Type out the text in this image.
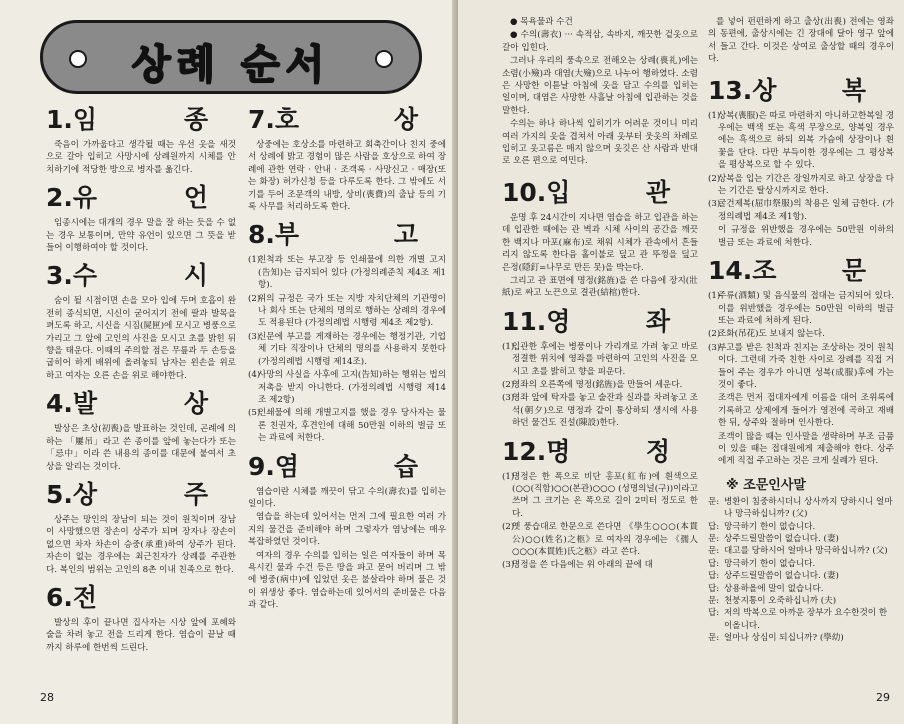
상례 순서
1.임	종

죽음이 가까웁다고 생각될 때는 우선 옷을 새것으로 갈아 입히고 사망시에 상례원까지 시체를 안치하기에 적당한 방으로 병자를 옮긴다.

2.유	언

임종시에는 대개의 경우 말을 잘 하는 듯을 수 없는 경우 보통이며, 만약 유언이 있으면 그 뜻을 받들어 이행하여야 할 것이다.

3.수	시

숨이 될 시점이면 손을 모아 입에 두며 호흡이 완전히 종식되면, 시신이 굳어지기 전에 팔과 발목을 펴도록 하고, 시신을 시짐(屍匣)에 모시고 병풍으로 가리고 그 앞에 고인의 사진을 모시고 초를 밝힌 뒤 향을 태운다. 이때의 주의할 점은 무릎과 두 손등을 굽히어 하게 배위에 올려놓되 남자는 왼손을 위로하고 여자는 오른 손을 위로 해야한다.

4.발	상

발상은 초상(初喪)을 발표하는 것인데, 곤례에 의하는 「屢吊」라고 쓴 종이를 앞에 놓는다가 또는 「忌中」이라 쓴 내용의 종이를 대문에 붙여서 초상을 알리는 것이다.

5.상	주

상주는 망인의 장남이 되는 것이 원칙이며 장남이 사망했으면 장손이 상주가 되며 장자나 장손이 없으면 차자 차손이 승중(承重)하여 상주가 된다. 자손이 없는 경우에는 최근친자가 상례를 주관한다. 복인의 범위는 고인의 8촌 이내 친족으로 한다.

6.전

발상의 후이 끝나면 집사자는 시상 앞에 포혜와 술을 차려 놓고 전을 드리게 한다. 염습이 끝날 때까지 하루에 한번씩 드린다.

7.호	상

상중에는 호상소를 마련하고 회축간이나 친지 중에서 상례에 밝고 경험이 많은 사람을 호상으로 하여 장례에 관한 연락 · 안내 · 조객록 · 사망신고 · 매장(또는 화장) 허가신청 등을 다루도록 한다. 그 밖에도 서기를 두어 조문객의 내방, 상비(喪費)의 출납 등의 기록 사무를 처리하도록 한다.

8.부	고

(1)
친척과 또는 부고장 등 인쇄물에 의한 개별 고지(告知)는 금지되어 있다 (가정의례준칙 제4조 제1항).

(2)
위의 규정은 국가 또는 지방 자치단체의 기관명이나 회사 또는 단체의 명의로 행하는 상례의 경우에도 적용된다 (가정의례법 시행령 제4조 제2항).

(3)
신문에 부고를 게재하는 경우에는 행정기관, 기업체 기타 직장이나 단체의 명의를 사용하지 못한다 (가정의례법 시행령 제14조).

(4)
사망의 사실을 사후에 고지(告知)하는 행위는 법의 저촉을 받지 아니한다. (가정의례법 시행령 제14조 제2항)

(5)
인쇄물에 의해 개별고지를 했을 경우 당사자는 물론 친권자, 후견인에 대해 50만원 이하의 벌금 또는 과료에 처한다.

9.염	습

염습이란 시체를 깨끗이 닦고 수의(壽衣)를 입히는 일이다.

염습을 하는데 있어서는 먼저 그에 필요한 여러 가지의 물건을 준비해야 하며 그렇자가 염낭에는 매우 복잡하였던 것이다.

여자의 경우 수의를 입히는 일은 여자들이 하며 목욕시킨 물과 수건 등은 땅을 파고 묻어 버리며 그 밖에 병중(病中)에 입었던 옷은 불살라야 하며 물은 것이 위생상 좋다. 염습하는데 있어서의 준비물은 다음과 같다.

28

● 목욕물과 수건

● 수의(壽衣) ··· 속적삼, 속바지, 깨끗한 겉옷으로 갈아 입힌다.

그러나 우리의 풍속으로 전해오는 상례(喪礼)에는 소렴(小殮)과 대염(大殮)으로 나누어 행하였다. 소렴은 사망한 이튿날 아침에 옷을 담고 수의를 입히는 일이며, 대염은 사망한 사흘날 아침에 입관하는 것을 말한다.

수의는 하나 하나씩 입히기가 어려운 것이니 미리 여러 가지의 옷을 겹쳐서 아래 옷부터 웃옷의 차례로 입히고 옷고름은 매지 않으며 옷깃은 산 사람과 반대로 오른 편으로 여민다.

10.입	관

운명 후 24시간이 지나면 염습을 하고 입관을 하는데 입관한 때에는 관 벽과 시체 사이의 공간을 깨끗한 백지나 마포(麻布)로 채워 시체가 관속에서 흔들리지 않도록 한다음 홀이불로 덮고 관 뚜껑을 덮고 은정(隠釘=나무로 만든 못)을 박는다.

그리고 관 표면에 명정(銘旌)을 쓴 다음에 장지(壯紙)로 싸고 노끈으로 결관(結棺)한다.

11.영	좌

(1)
입관한 후에는 병풍이나 가리개로 가려 놓고 바로 정결한 위치에 영좌를 마련하여 고인의 사진을 모시고 초를 밝히고 향을 피운다.

(2)
영좌의 오른쪽에 명정(銘旌)을 만들어 세운다.

(3)
영좌 앞에 탁자를 놓고 술잔과 실과를 차려놓고 조석(朝夕)으로 명정과 같이 통상하되 생시에 사용하던 물건도 진설(陳設)한다.

12.명	정

(1)
명정은 한 폭으로 비단 홍포(紅布)에 흰색으로 (○○(직함)○○(본관)○○○ (성명의널(구))이라고 쓰며 그 크기는 온 폭으로 길이 2미터 정도로 한다.

(2)
옛 풍습대로 한문으로 쓴다면 《學生○○○(本貫公)○○(姓名)之柩》로 여자의 경우에는 《孺人○○○(本貫姓)氏之柩》라고 쓴다.

(3)
명정을 쓴 다음에는 위 아래의 끝에 대

를 넣어 펀펀하게 하고 출상(出喪) 전에는 영좌의 동편에, 출상시에는 긴 장대에 달아 영구 앞에서 들고 간다. 이것은 상여로 출상할 때의 경우이다.

13.상	복

(1)
상복(喪服)은 따로 마련하지 아니하고한복일 경우에는 백색 또는 흑색 무장으로, 양복일 경우에는 흑색으로 하되 외복 가슴에 상장이나 흰 꽃을 단다. 다만 부득이한 경우에는 그 평상복을 평상복으로 할 수 있다.

(2)
상복을 입는 기간은 장일까지로 하고 상장을 다는 기간은 탈상시까지로 한다.

(3)
굴건제복(屈巾祭服)의 착용은 일체 금한다. (가정의례법 제4조 제1항).

이 규정을 위반했을 경우에는 50만원 이하의 벌금 또는 과료에 처한다.

14.조	문

(1)
주류(酒類) 및 음식물의 접대는 금지되어 있다. 이를 위반했을 경우에는 50만원 이하의 벌금 또는 과료에 처하게 된다.

(2)
조화(吊花)도 보내지 않는다.

(3)
부고를 받은 친척과 친지는 조상하는 것이 원칙이다. 그런데 가죽 친한 사이로 장례를 직접 거들어 주는 경우가 아니면 성복(成服)후에 가는 것이 좋다.

조객은 먼저 접대자에게 이름을 대어 조위록에 기록하고 상제에게 들어가 영전에 곡하고 재배한 뒤, 상주와 절하며 인사한다.

조객이 많을 때는 인사말을 생략하며 부조 금품이 있을 때는 접대원에게 제출해야 한다. 상주에게 직접 주고하는 것은 크게 실례가 된다.

※ 조문인사말
문: 병환이 침중하시더니 상사까지 당하시니 얼마나 망극하십니까? (父)
답: 망극하기 한이 없습니다.
문: 상주드릴말씀이 없습니다. (妻)
문: 대고를 당하시어 얼마나 망극하십니까? (父)
답: 망극하기 한이 없습니다.
답: 상주드릴말씀이 없습니다. (妻)
답: 상용하올에 말이 없습니다.
문: 천붕지통이 오죽하십니까 (夫)
답: 저의 박복으로 아까운 장부가 요수한것이 한이올니다.
문: 얼마나 상심이 되십니까? (學幼)
29
